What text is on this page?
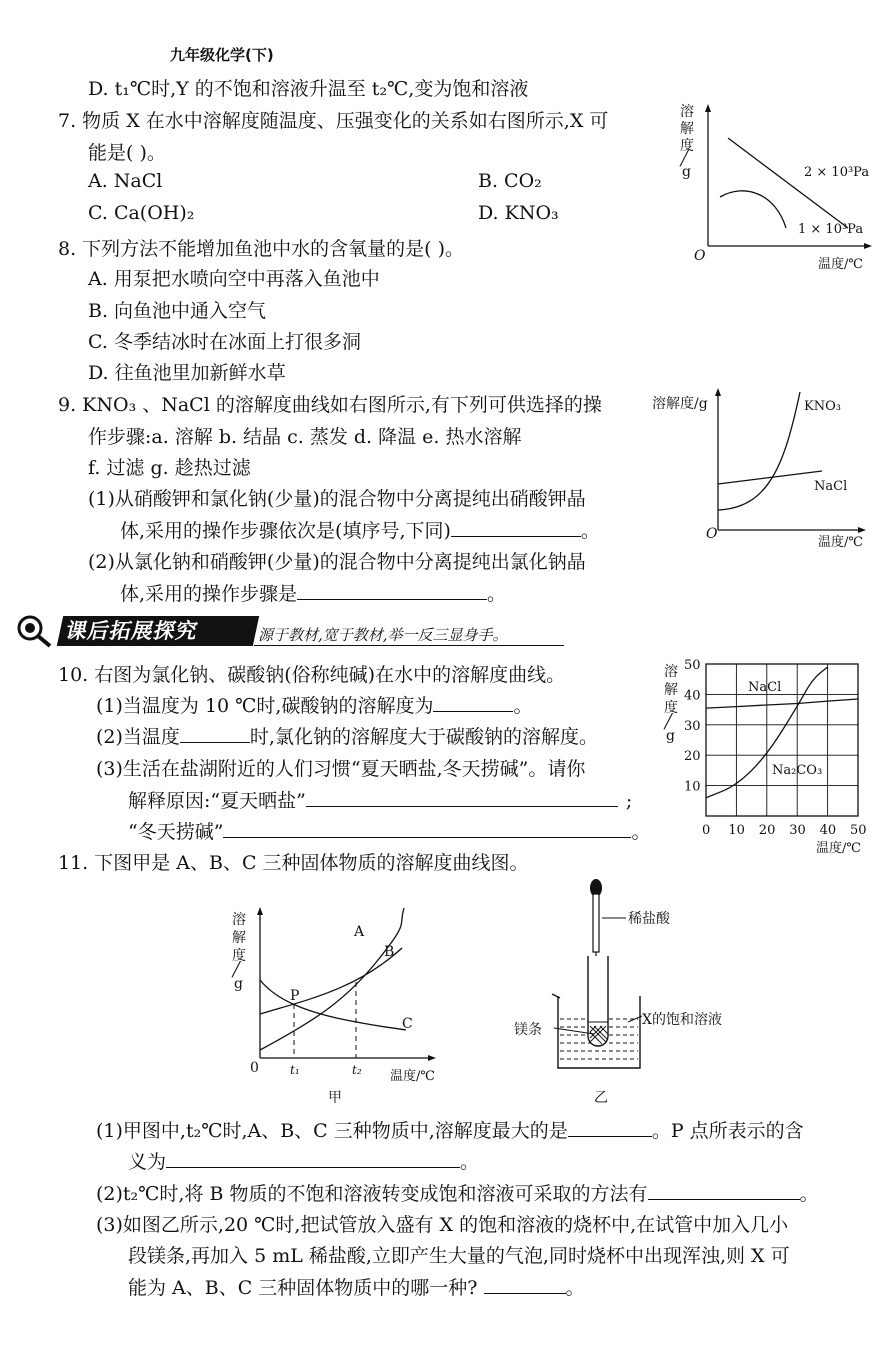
九年级化学(下)
D. t₁℃时,Y 的不饱和溶液升温至 t₂℃,变为饱和溶液
7. 物质 X 在水中溶解度随温度、压强变化的关系如右图所示,X 可
能是( )。
A. NaCl	B. CO₂
C. Ca(OH)₂	D. KNO₃
溶
解
度
╱
g
O
温度/℃
2 × 10³Pa
1 × 10³Pa
8. 下列方法不能增加鱼池中水的含氧量的是( )。
A. 用泵把水喷向空中再落入鱼池中
B. 向鱼池中通入空气
C. 冬季结冰时在冰面上打很多洞
D. 往鱼池里加新鲜水草
9. KNO₃ 、NaCl 的溶解度曲线如右图所示,有下列可供选择的操
作步骤:a. 溶解 b. 结晶 c. 蒸发 d. 降温 e. 热水溶解
f. 过滤 g. 趁热过滤
(1)从硝酸钾和氯化钠(少量)的混合物中分离提纯出硝酸钾晶
体,采用的操作步骤依次是(填序号,下同)	。
(2)从氯化钠和硝酸钾(少量)的混合物中分离提纯出氯化钠晶
体,采用的操作步骤是	。
溶解度/g
O
温度/℃
KNO₃
NaCl
课后拓展探究	源于教材,宽于教材,举一反三显身手。
10. 右图为氯化钠、碳酸钠(俗称纯碱)在水中的溶解度曲线。
(1)当温度为 10 ℃时,碳酸钠的溶解度为	。
(2)当温度	时,氯化钠的溶解度大于碳酸钠的溶解度。
(3)生活在盐湖附近的人们习惯“夏天晒盐,冬天捞碱”。请你
解释原因:“夏天晒盐”	;
“冬天捞碱”	。
10
20
30
40
50
0 10 20 30 40 50
溶
解
度
╱
g
NaCl
Na₂CO₃
温度/℃
11. 下图甲是 A、B、C 三种固体物质的溶解度曲线图。
溶
解
度
╱
g
0
温度/℃
A
B
C
P
t₁	t₂
甲
稀盐酸
镁条
X的饱和溶液
乙
(1)甲图中,t₂℃时,A、B、C 三种物质中,溶解度最大的是	。P 点所表示的含
义为	。
(2)t₂℃时,将 B 物质的不饱和溶液转变成饱和溶液可采取的方法有	。
(3)如图乙所示,20 ℃时,把试管放入盛有 X 的饱和溶液的烧杯中,在试管中加入几小
段镁条,再加入 5 mL 稀盐酸,立即产生大量的气泡,同时烧杯中出现浑浊,则 X 可
能为 A、B、C 三种固体物质中的哪一种?	。
